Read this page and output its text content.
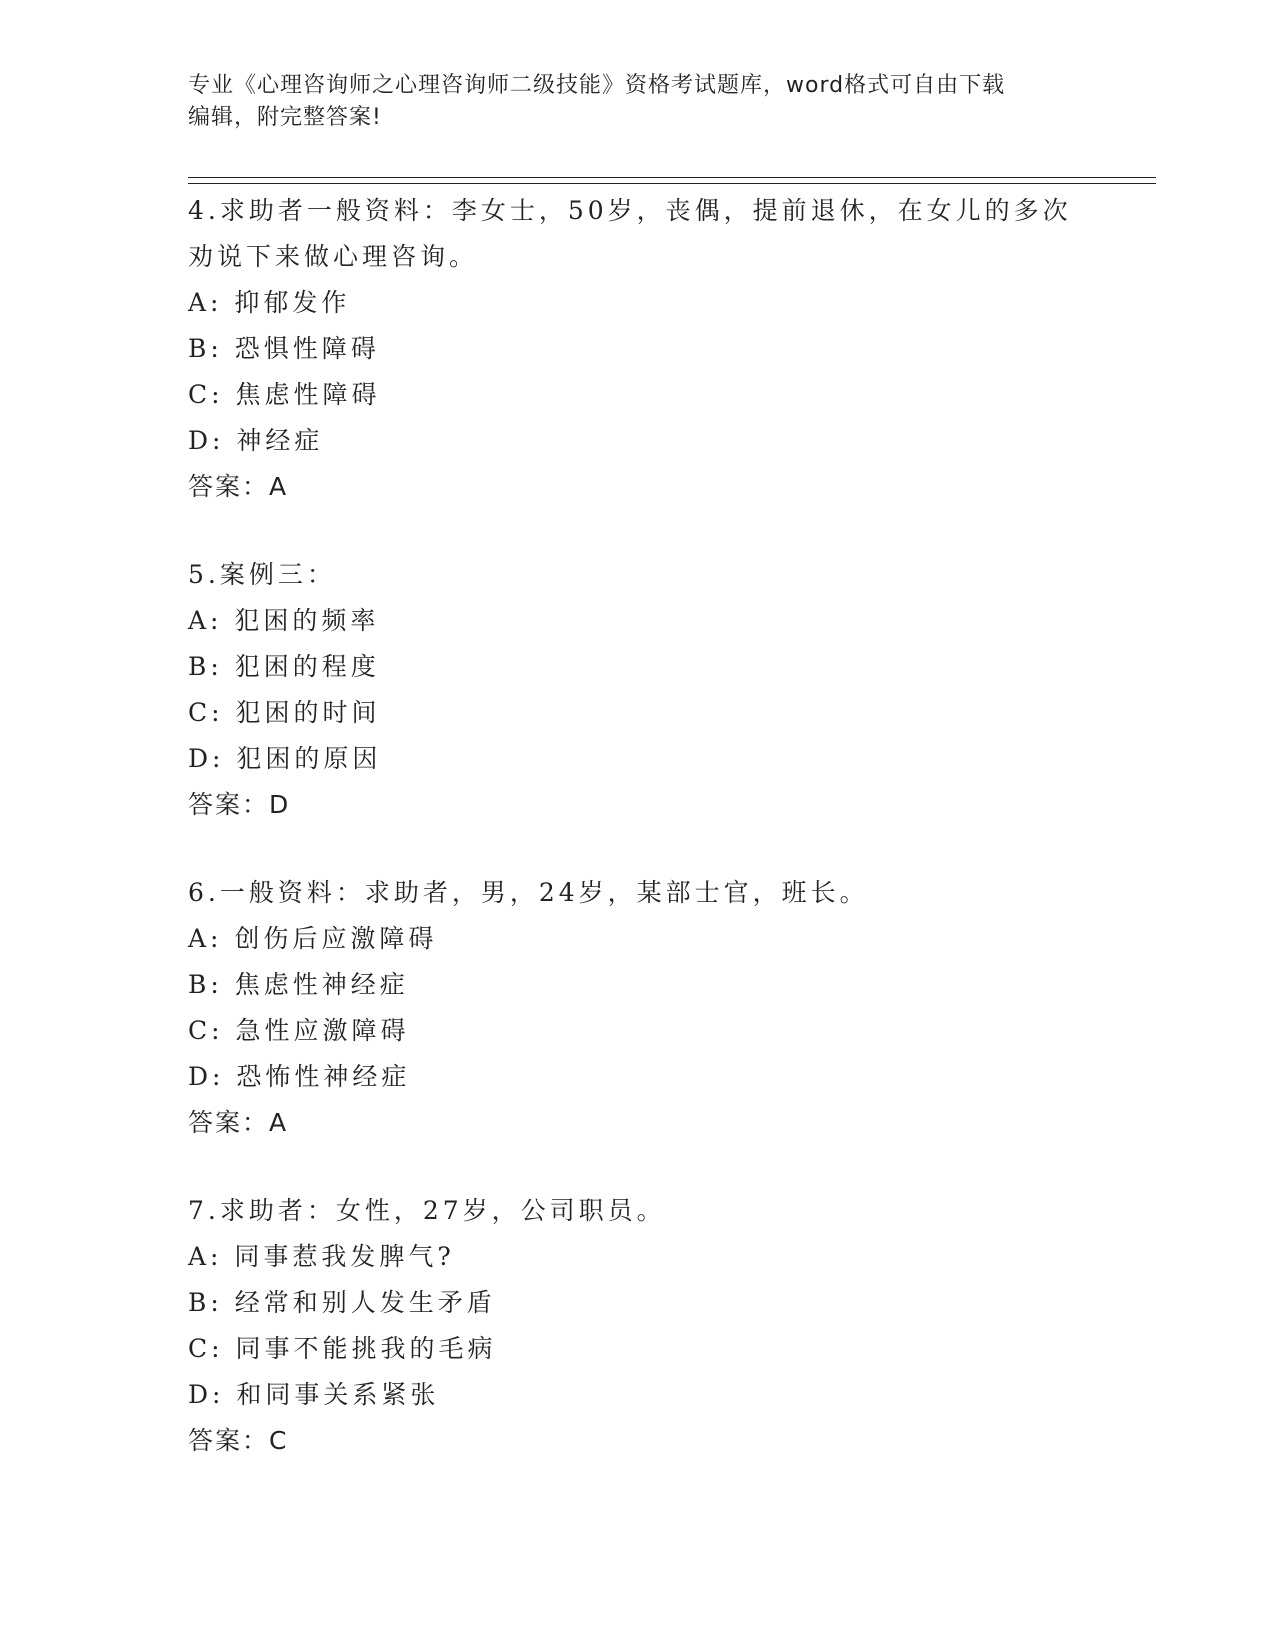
专业《心理咨询师之心理咨询师二级技能》资格考试题库，word格式可自由下载
编辑，附完整答案!
4.求助者一般资料：李女士，50岁，丧偶，提前退休，在女儿的多次
劝说下来做心理咨询。
A: 抑郁发作
B: 恐惧性障碍
C: 焦虑性障碍
D: 神经症
答案：A
5.案例三：
A: 犯困的频率
B: 犯困的程度
C: 犯困的时间
D: 犯困的原因
答案：D
6.一般资料：求助者，男，24岁，某部士官，班长。
A: 创伤后应激障碍
B: 焦虑性神经症
C: 急性应激障碍
D: 恐怖性神经症
答案：A
7.求助者：女性，27岁，公司职员。
A: 同事惹我发脾气?
B: 经常和别人发生矛盾
C: 同事不能挑我的毛病
D: 和同事关系紧张
答案：C
